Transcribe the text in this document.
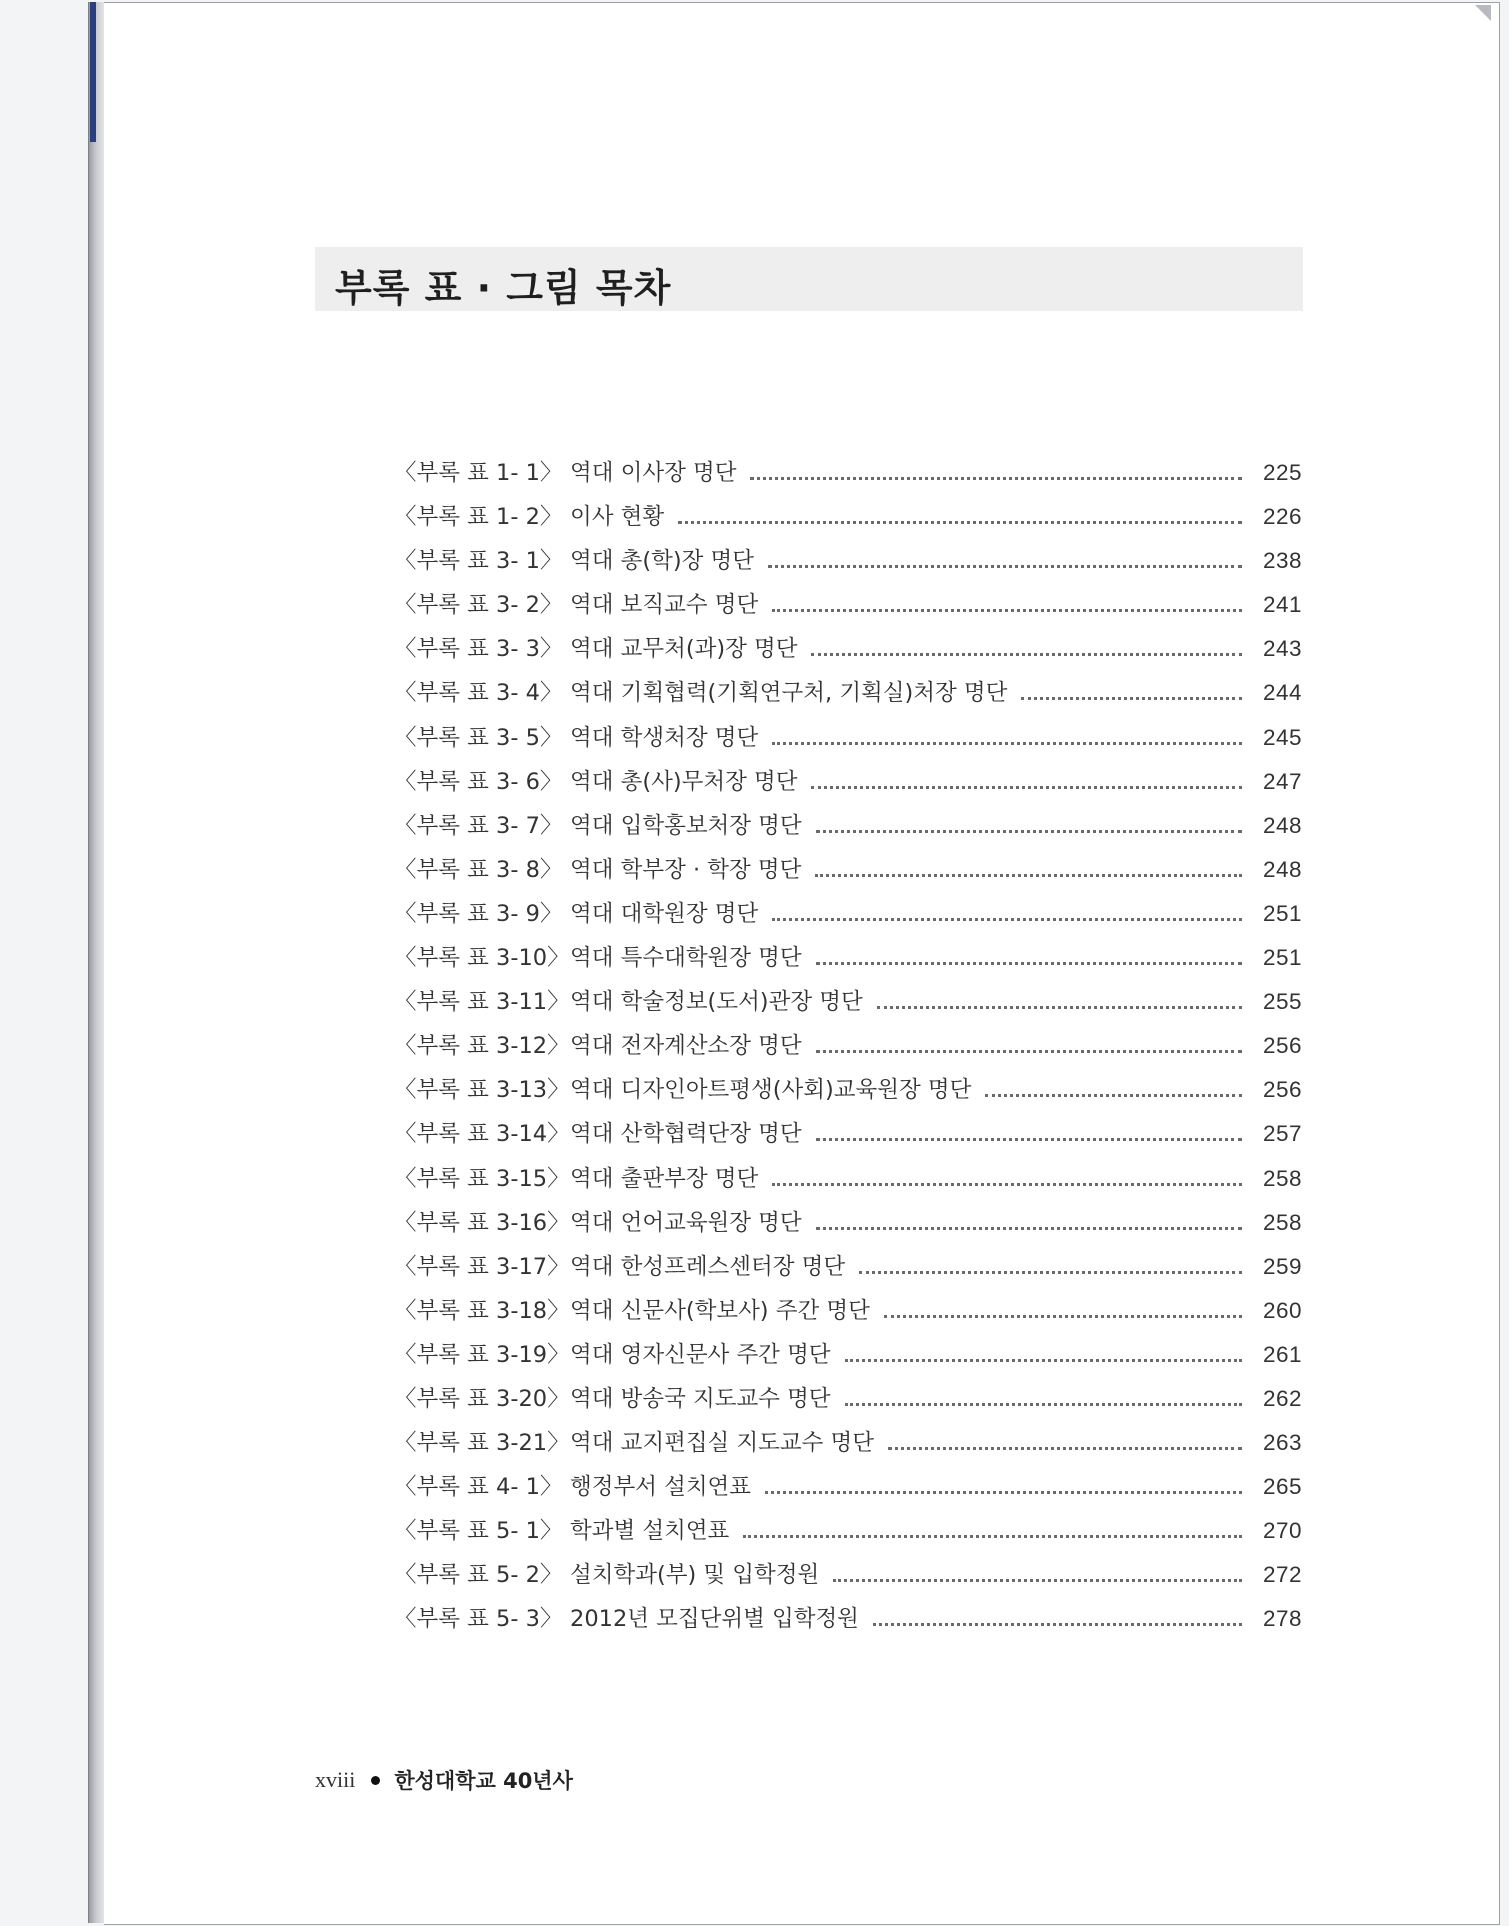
부록 표 · 그림 목차
〈부록 표 1- 1〉 역대 이사장 명단	225
〈부록 표 1- 2〉 이사 현황	226
〈부록 표 3- 1〉 역대 총(학)장 명단	238
〈부록 표 3- 2〉 역대 보직교수 명단	241
〈부록 표 3- 3〉 역대 교무처(과)장 명단	243
〈부록 표 3- 4〉 역대 기획협력(기획연구처, 기획실)처장 명단	244
〈부록 표 3- 5〉 역대 학생처장 명단	245
〈부록 표 3- 6〉 역대 총(사)무처장 명단	247
〈부록 표 3- 7〉 역대 입학홍보처장 명단	248
〈부록 표 3- 8〉 역대 학부장 · 학장 명단	248
〈부록 표 3- 9〉 역대 대학원장 명단	251
〈부록 표 3-10〉 역대 특수대학원장 명단	251
〈부록 표 3-11〉 역대 학술정보(도서)관장 명단	255
〈부록 표 3-12〉 역대 전자계산소장 명단	256
〈부록 표 3-13〉 역대 디자인아트평생(사회)교육원장 명단	256
〈부록 표 3-14〉 역대 산학협력단장 명단	257
〈부록 표 3-15〉 역대 출판부장 명단	258
〈부록 표 3-16〉 역대 언어교육원장 명단	258
〈부록 표 3-17〉 역대 한성프레스센터장 명단	259
〈부록 표 3-18〉 역대 신문사(학보사) 주간 명단	260
〈부록 표 3-19〉 역대 영자신문사 주간 명단	261
〈부록 표 3-20〉 역대 방송국 지도교수 명단	262
〈부록 표 3-21〉 역대 교지편집실 지도교수 명단	263
〈부록 표 4- 1〉 행정부서 설치연표	265
〈부록 표 5- 1〉 학과별 설치연표	270
〈부록 표 5- 2〉 설치학과(부) 및 입학정원	272
〈부록 표 5- 3〉 2012년 모집단위별 입학정원	278
xviii 한성대학교 40년사
